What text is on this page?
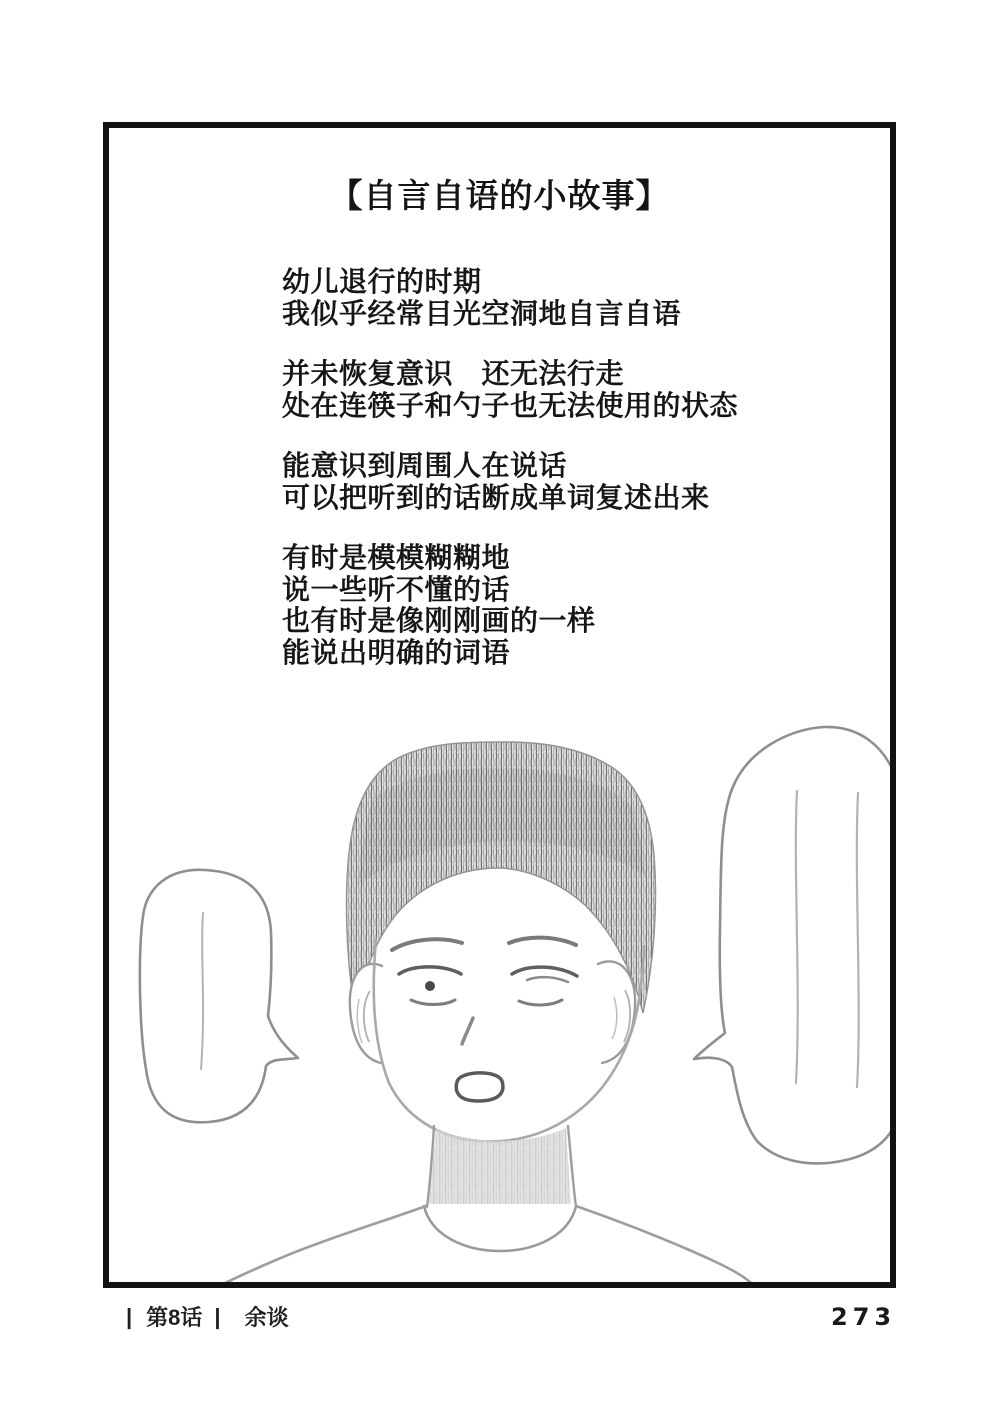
【自言自语的小故事】
幼儿退行的时期
我似乎经常目光空洞地自言自语
并未恢复意识　还无法行走
处在连筷子和勺子也无法使用的状态
能意识到周围人在说话
可以把听到的话断成单词复述出来
有时是模模糊糊地
说一些听不懂的话
也有时是像刚刚画的一样
能说出明确的词语
| 第8话 | 余谈	273
